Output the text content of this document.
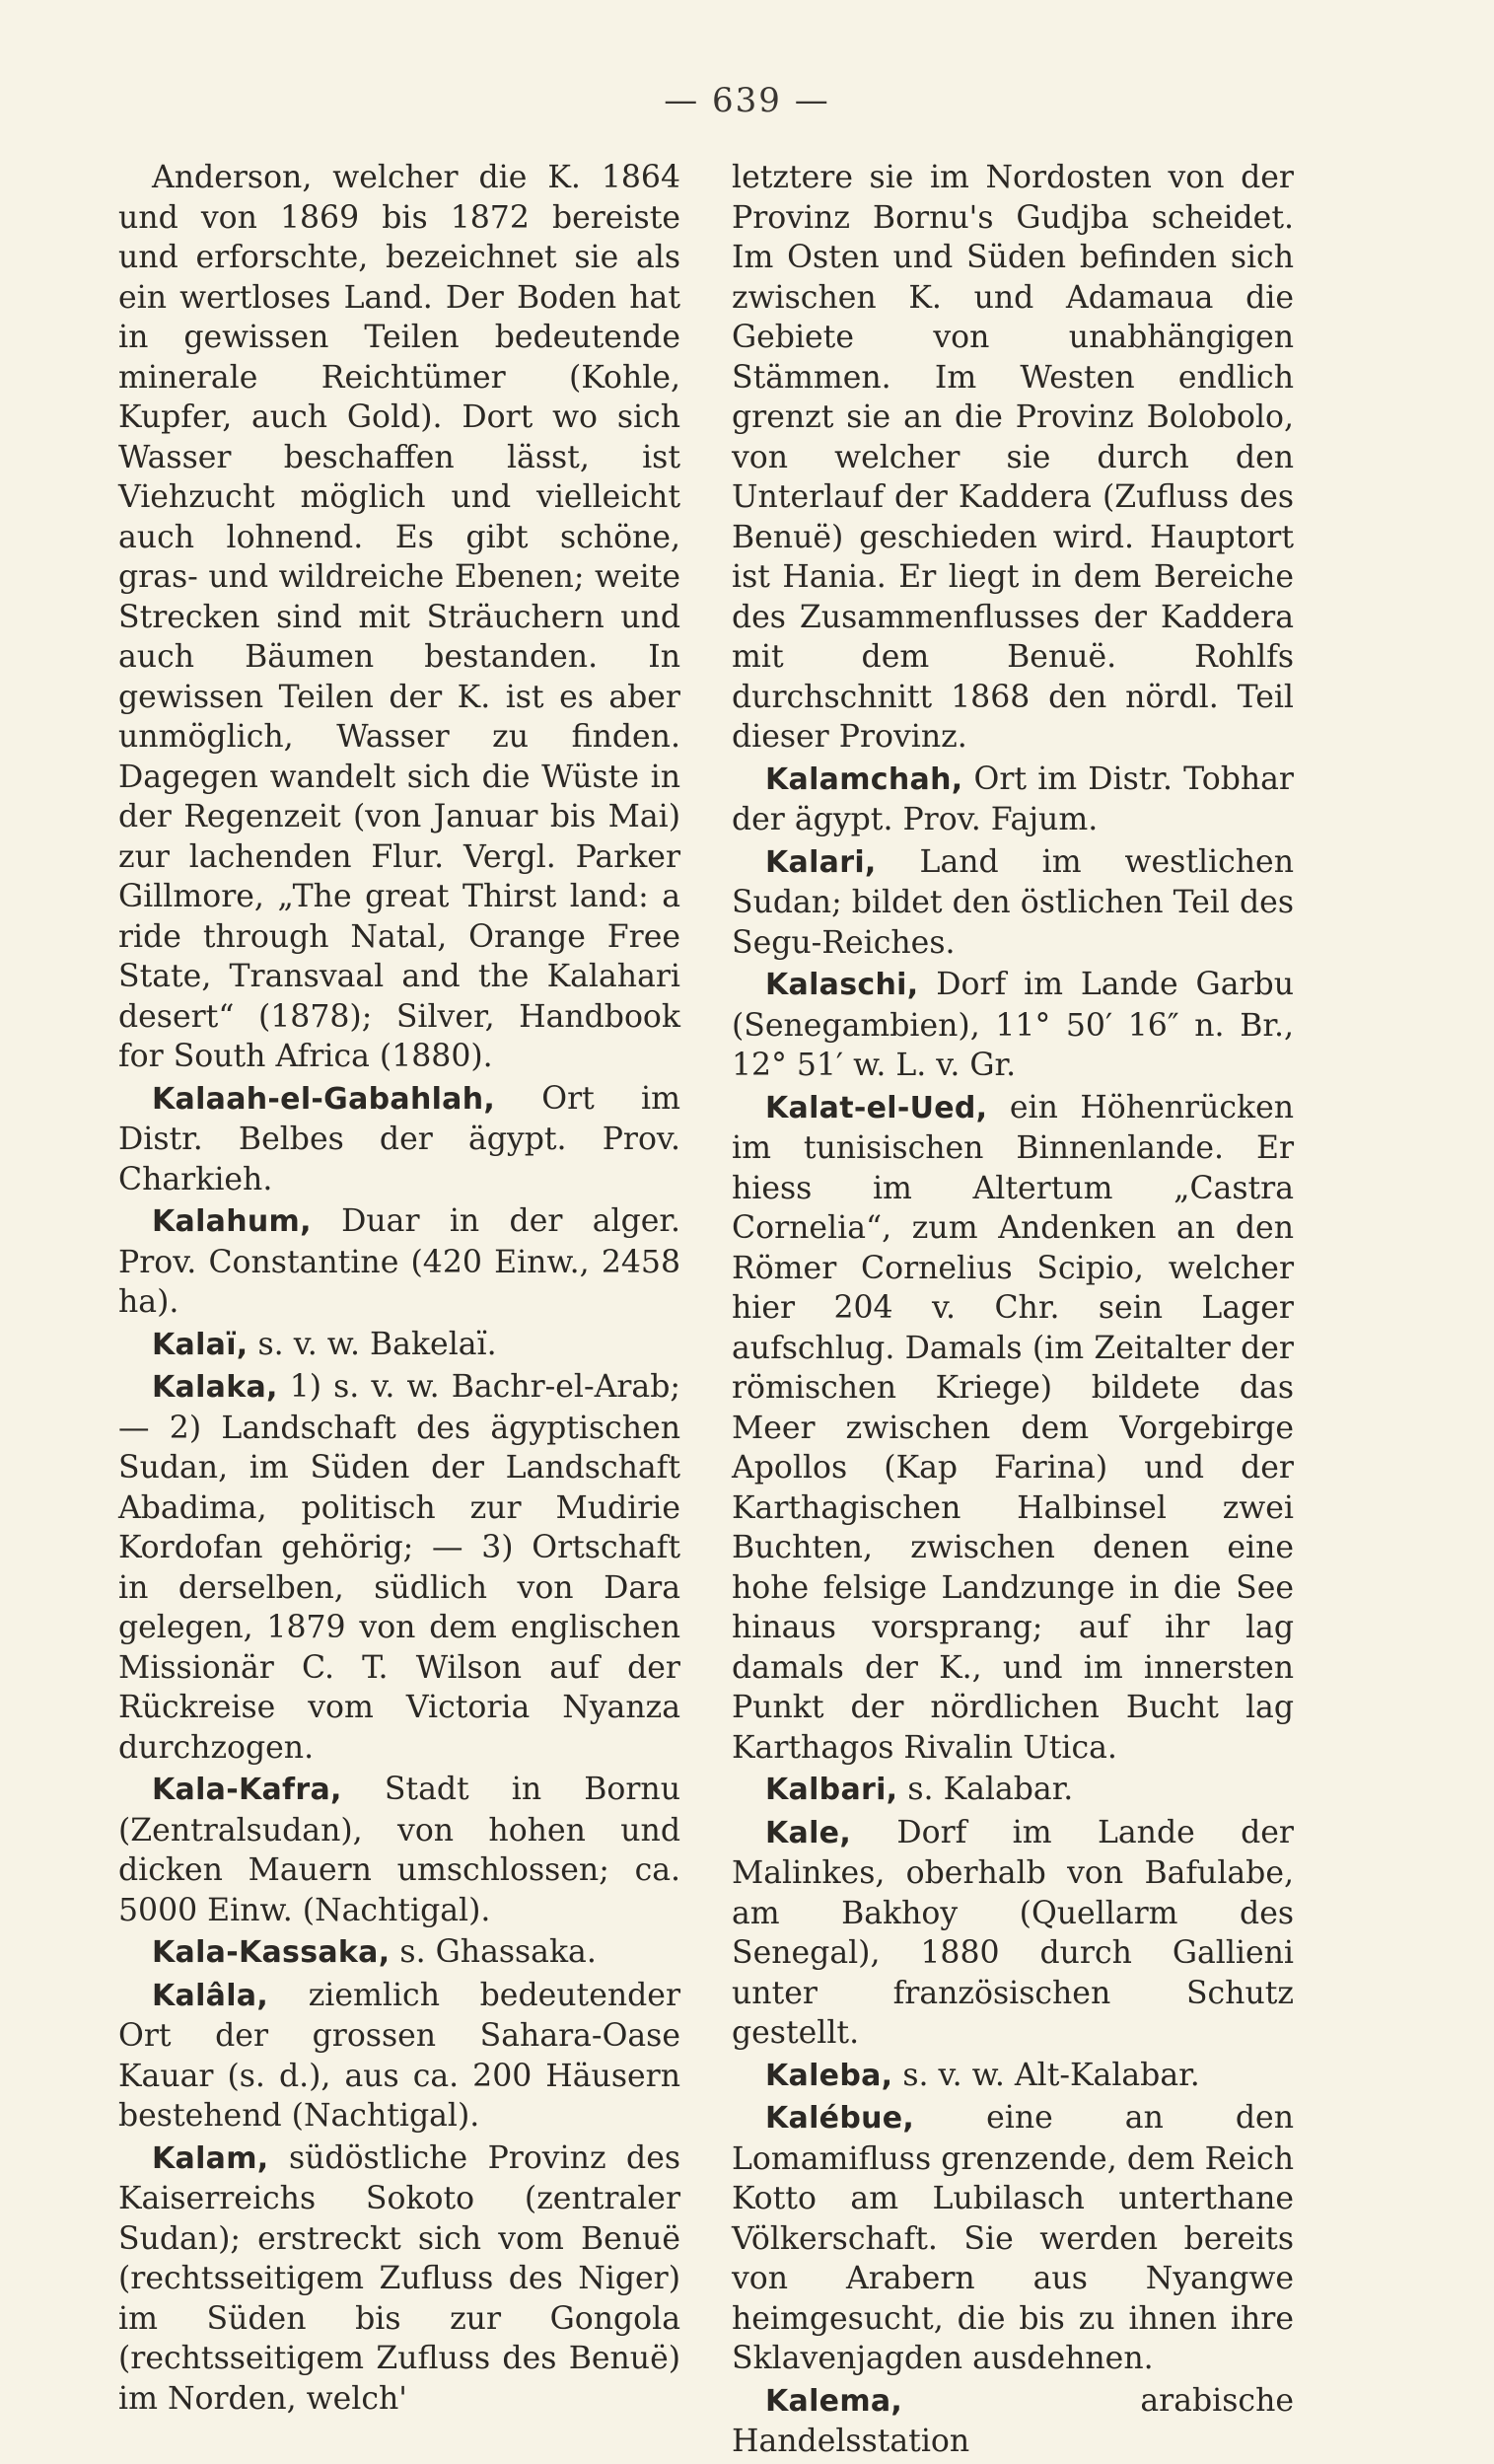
— 639 —

Anderson, welcher die K. 1864 und von 1869 bis 1872 bereiste und erforschte, bezeichnet sie als ein wertloses Land. Der Boden hat in gewissen Teilen bedeutende minerale Reichtümer (Kohle, Kupfer, auch Gold). Dort wo sich Wasser beschaffen lässt, ist Viehzucht möglich und vielleicht auch lohnend. Es gibt schöne, gras- und wildreiche Ebenen; weite Strecken sind mit Sträuchern und auch Bäumen bestanden. In gewissen Teilen der K. ist es aber unmöglich, Wasser zu finden. Dagegen wandelt sich die Wüste in der Regenzeit (von Januar bis Mai) zur lachenden Flur. Vergl. Parker Gillmore, „The great Thirst land: a ride through Natal, Orange Free State, Transvaal and the Kalahari desert“ (1878); Silver, Handbook for South Africa (1880).

Kalaah-el-Gabahlah, Ort im Distr. Belbes der ägypt. Prov. Charkieh.

Kalahum, Duar in der alger. Prov. Constantine (420 Einw., 2458 ha).

Kalaï, s. v. w. Bakelaï.

Kalaka, 1) s. v. w. Bachr-el-Arab; — 2) Landschaft des ägyptischen Sudan, im Süden der Landschaft Abadima, politisch zur Mudirie Kordofan gehörig; — 3) Ortschaft in derselben, südlich von Dara gelegen, 1879 von dem englischen Missionär C. T. Wilson auf der Rückreise vom Victoria Nyanza durchzogen.

Kala-Kafra, Stadt in Bornu (Zentralsudan), von hohen und dicken Mauern umschlossen; ca. 5000 Einw. (Nachtigal).

Kala-Kassaka, s. Ghassaka.

Kalâla, ziemlich bedeutender Ort der grossen Sahara-Oase Kauar (s. d.), aus ca. 200 Häusern bestehend (Nachtigal).

Kalam, südöstliche Provinz des Kaiserreichs Sokoto (zentraler Sudan); erstreckt sich vom Benuë (rechtsseitigem Zufluss des Niger) im Süden bis zur Gongola (rechtsseitigem Zufluss des Benuë) im Norden, welch'

letztere sie im Nordosten von der Provinz Bornu's Gudjba scheidet. Im Osten und Süden befinden sich zwischen K. und Adamaua die Gebiete von unabhängigen Stämmen. Im Westen endlich grenzt sie an die Provinz Bolobolo, von welcher sie durch den Unterlauf der Kaddera (Zufluss des Benuë) geschieden wird. Hauptort ist Hania. Er liegt in dem Bereiche des Zusammenflusses der Kaddera mit dem Benuë. Rohlfs durchschnitt 1868 den nördl. Teil dieser Provinz.

Kalamchah, Ort im Distr. Tobhar der ägypt. Prov. Fajum.

Kalari, Land im westlichen Sudan; bildet den östlichen Teil des Segu-Reiches.

Kalaschi, Dorf im Lande Garbu (Senegambien), 11° 50′ 16″ n. Br., 12° 51′ w. L. v. Gr.

Kalat-el-Ued, ein Höhenrücken im tunisischen Binnenlande. Er hiess im Altertum „Castra Cornelia“, zum Andenken an den Römer Cornelius Scipio, welcher hier 204 v. Chr. sein Lager aufschlug. Damals (im Zeitalter der römischen Kriege) bildete das Meer zwischen dem Vorgebirge Apollos (Kap Farina) und der Karthagischen Halbinsel zwei Buchten, zwischen denen eine hohe felsige Landzunge in die See hinaus vorsprang; auf ihr lag damals der K., und im innersten Punkt der nördlichen Bucht lag Karthagos Rivalin Utica.

Kalbari, s. Kalabar.

Kale, Dorf im Lande der Malinkes, oberhalb von Bafulabe, am Bakhoy (Quellarm des Senegal), 1880 durch Gallieni unter französischen Schutz gestellt.

Kaleba, s. v. w. Alt-Kalabar.

Kalébue, eine an den Lomamifluss grenzende, dem Reich Kotto am Lubilasch unterthane Völkerschaft. Sie werden bereits von Arabern aus Nyangwe heimgesucht, die bis zu ihnen ihre Sklavenjagden ausdehnen.

Kalema, arabische Handelsstation
